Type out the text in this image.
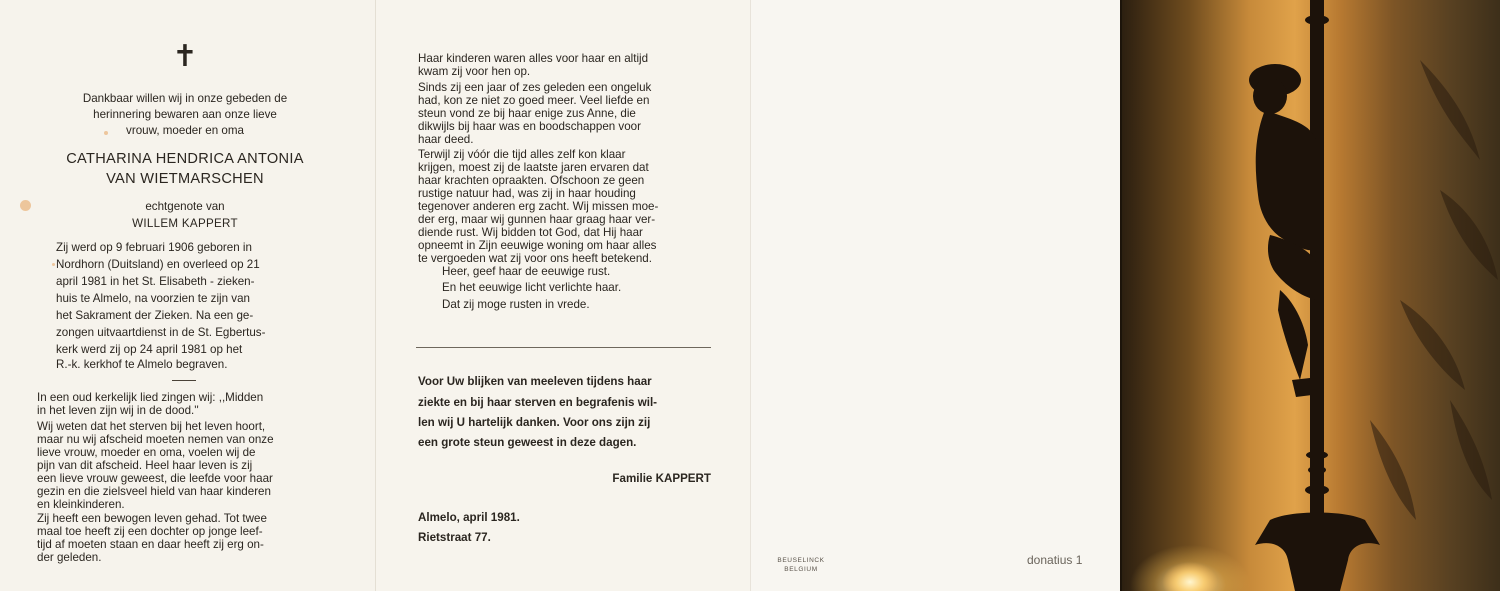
✝
Dankbaar willen wij in onze gebeden de
herinnering bewaren aan onze lieve
vrouw, moeder en oma
CATHARINA HENDRICA ANTONIA
VAN WIETMARSCHEN
echtgenote van
WILLEM KAPPERT
Zij werd op 9 februari 1906 geboren in
Nordhorn (Duitsland) en overleed op 21
april 1981 in het St. Elisabeth - zieken-
huis te Almelo, na voorzien te zijn van
het Sakrament der Zieken. Na een ge-
zongen uitvaartdienst in de St. Egbertus-
kerk werd zij op 24 april 1981 op het
R.-k. kerkhof te Almelo begraven.
In een oud kerkelijk lied zingen wij: ,,Midden
in het leven zijn wij in de dood.''
Wij weten dat het sterven bij het leven hoort,
maar nu wij afscheid moeten nemen van onze
lieve vrouw, moeder en oma, voelen wij de
pijn van dit afscheid. Heel haar leven is zij
een lieve vrouw geweest, die leefde voor haar
gezin en die zielsveel hield van haar kinderen
en kleinkinderen.
Zij heeft een bewogen leven gehad. Tot twee
maal toe heeft zij een dochter op jonge leef-
tijd af moeten staan en daar heeft zij erg on-
der geleden.
Haar kinderen waren alles voor haar en altijd
kwam zij voor hen op.
Sinds zij een jaar of zes geleden een ongeluk
had, kon ze niet zo goed meer. Veel liefde en
steun vond ze bij haar enige zus Anne, die
dikwijls bij haar was en boodschappen voor
haar deed.
Terwijl zij vóór die tijd alles zelf kon klaar
krijgen, moest zij de laatste jaren ervaren dat
haar krachten opraakten. Ofschoon ze geen
rustige natuur had, was zij in haar houding
tegenover anderen erg zacht. Wij missen moe-
der erg, maar wij gunnen haar graag haar ver-
diende rust. Wij bidden tot God, dat Hij haar
opneemt in Zijn eeuwige woning om haar alles
te vergoeden wat zij voor ons heeft betekend.
Heer, geef haar de eeuwige rust.
En het eeuwige licht verlichte haar.
Dat zij moge rusten in vrede.
Voor Uw blijken van meeleven tijdens haar
ziekte en bij haar sterven en begrafenis wil-
len wij U hartelijk danken. Voor ons zijn zij
een grote steun geweest in deze dagen.
Familie KAPPERT
Almelo, april 1981.
Rietstraat 77.
BEUSELINCK
BELGIUM
donatius 1
